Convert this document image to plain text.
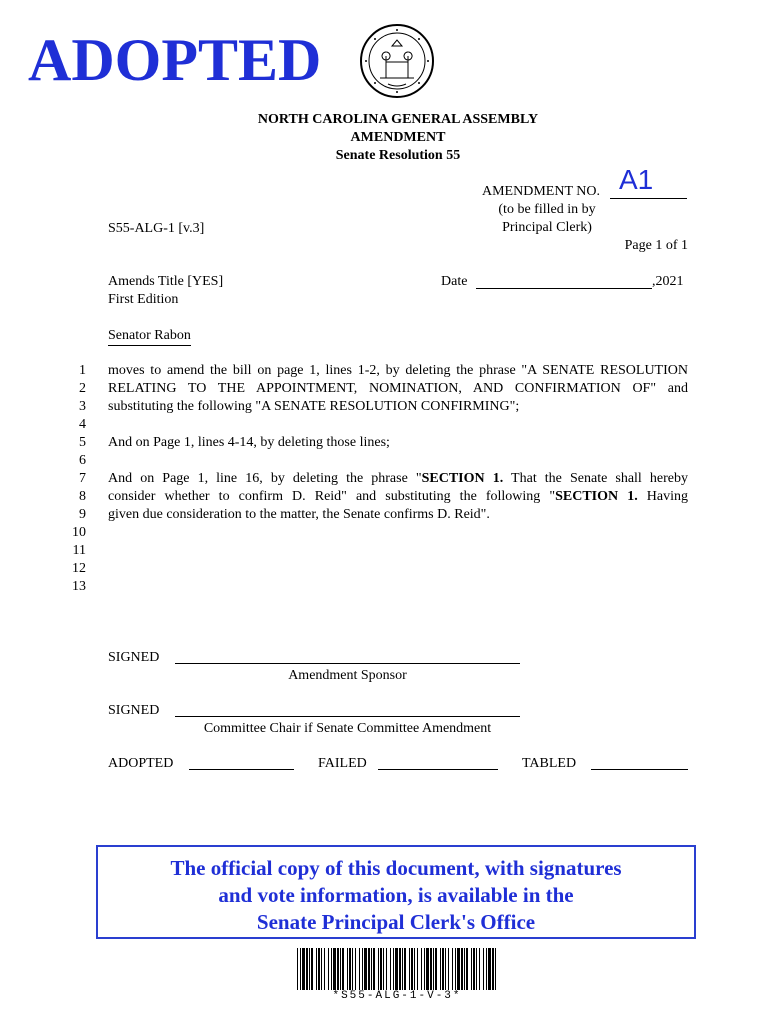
ADOPTED
NORTH CAROLINA GENERAL ASSEMBLY
AMENDMENT
Senate Resolution 55
AMENDMENT NO. A1
(to be filled in by
Principal Clerk)
S55-ALG-1 [v.3]
Page 1 of 1
Amends Title [YES]
First Edition
Date	,2021
Senator Rabon
1
2
3
4
5
6
7
8
9
10
11
12
13
moves to amend the bill on page 1, lines 1-2, by deleting the phrase "A SENATE RESOLUTION
RELATING TO THE APPOINTMENT, NOMINATION, AND CONFIRMATION OF" and
substituting the following "A SENATE RESOLUTION CONFIRMING";
And on Page 1, lines 4-14, by deleting those lines;
And on Page 1, line 16, by deleting the phrase "SECTION 1. That the Senate shall hereby
consider whether to confirm D. Reid" and substituting the following "SECTION 1. Having
given due consideration to the matter, the Senate confirms D. Reid".
SIGNED
Amendment Sponsor
SIGNED
Committee Chair if Senate Committee Amendment
ADOPTED	FAILED	TABLED
The official copy of this document, with signatures
and vote information, is available in the
Senate Principal Clerk's Office
*S55-ALG-1-V-3*
